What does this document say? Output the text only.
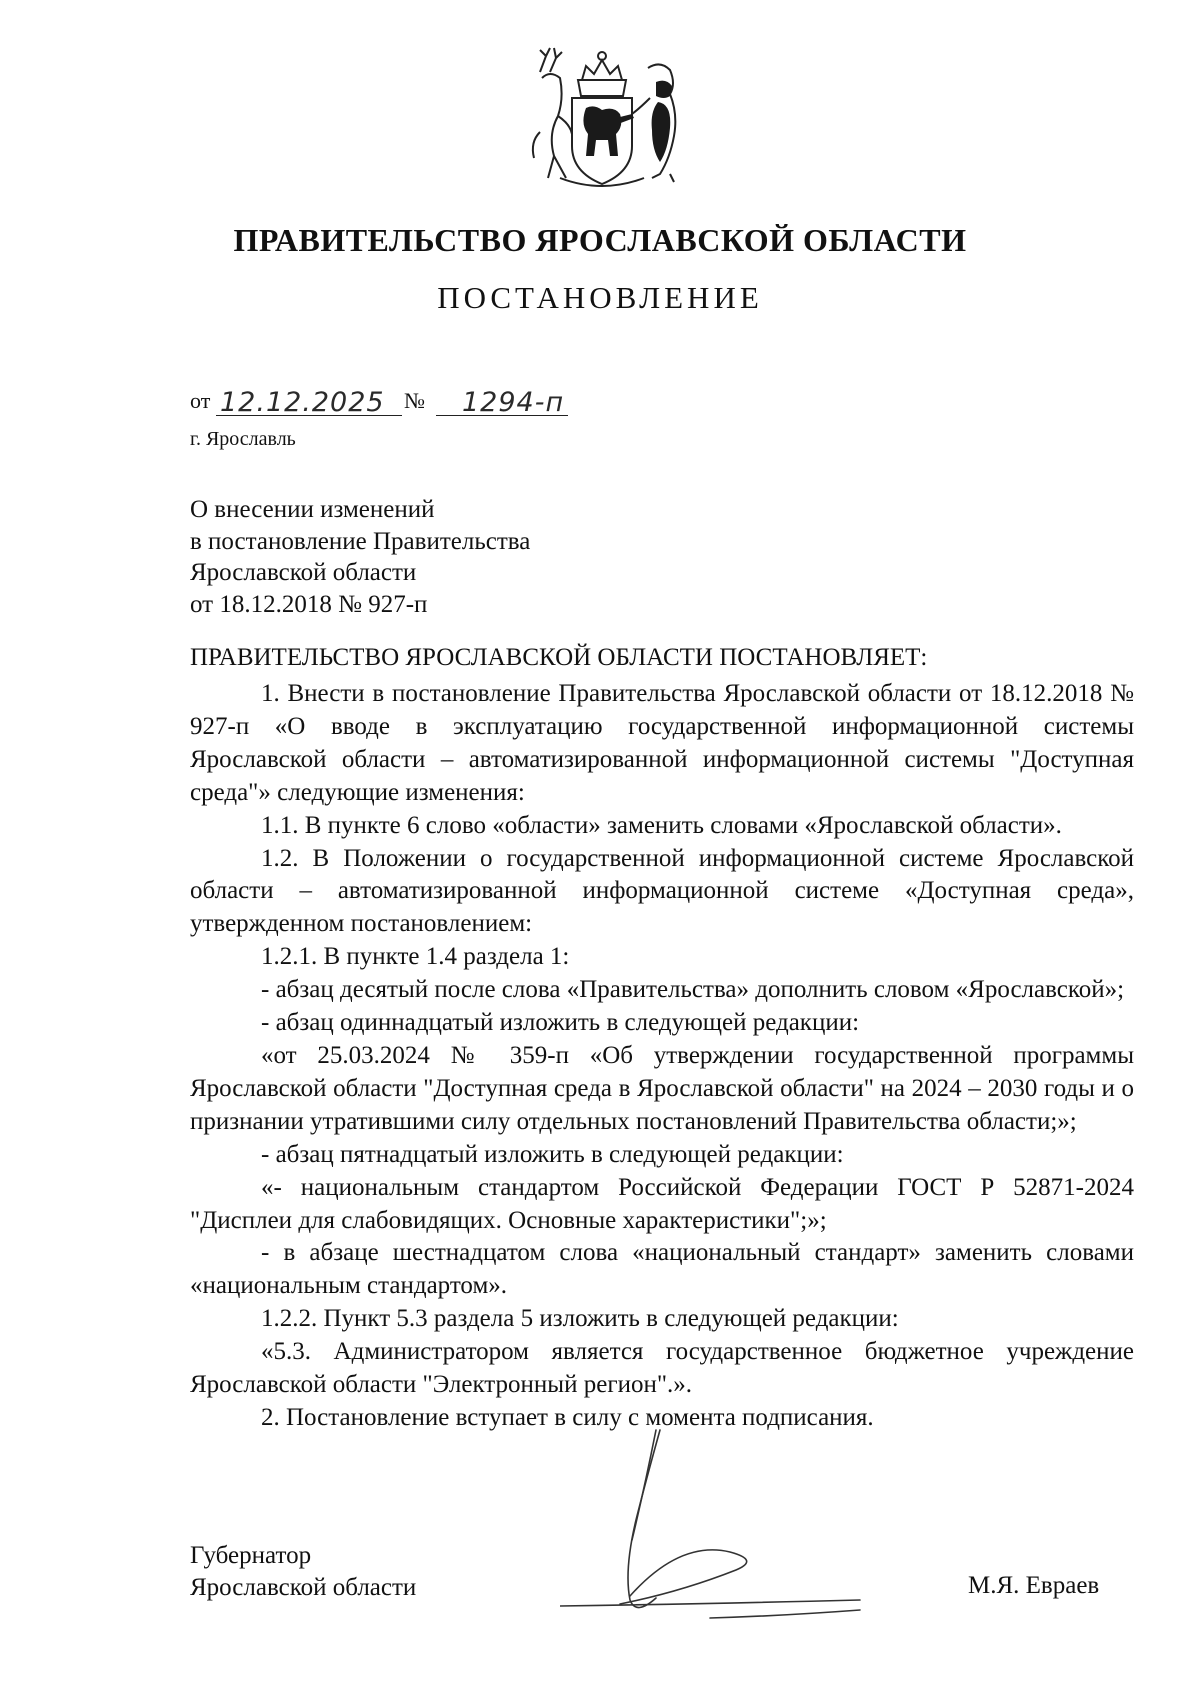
ПРАВИТЕЛЬСТВО ЯРОСЛАВСКОЙ ОБЛАСТИ
ПОСТАНОВЛЕНИЕ
от 12.12.2025 № 1294-п
г. Ярославль
О внесении изменений
в постановление Правительства
Ярославской области
от 18.12.2018 № 927-п
ПРАВИТЕЛЬСТВО ЯРОСЛАВСКОЙ ОБЛАСТИ ПОСТАНОВЛЯЕТ:

1. Внести в постановление Правительства Ярославской области от 18.12.2018 № 927-п «О вводе в эксплуатацию государственной информационной системы Ярославской области – автоматизированной информационной системы "Доступная среда"» следующие изменения:

1.1. В пункте 6 слово «области» заменить словами «Ярославской области».

1.2. В Положении о государственной информационной системе Ярославской области – автоматизированной информационной системе «Доступная среда», утвержденном постановлением:

1.2.1. В пункте 1.4 раздела 1:

- абзац десятый после слова «Правительства» дополнить словом «Ярославской»;

- абзац одиннадцатый изложить в следующей редакции:

«от 25.03.2024 № 359-п «Об утверждении государственной программы Ярославской области "Доступная среда в Ярославской области" на 2024 – 2030 годы и о признании утратившими силу отдельных постановлений Правительства области;»;

- абзац пятнадцатый изложить в следующей редакции:

«- национальным стандартом Российской Федерации ГОСТ Р 52871-2024 "Дисплеи для слабовидящих. Основные характеристики";»;

- в абзаце шестнадцатом слова «национальный стандарт» заменить словами «национальным стандартом».

1.2.2. Пункт 5.3 раздела 5 изложить в следующей редакции:

«5.3. Администратором является государственное бюджетное учреждение Ярославской области "Электронный регион".».

2. Постановление вступает в силу с момента подписания.

Губернатор
Ярославской области	М.Я. Евраев
